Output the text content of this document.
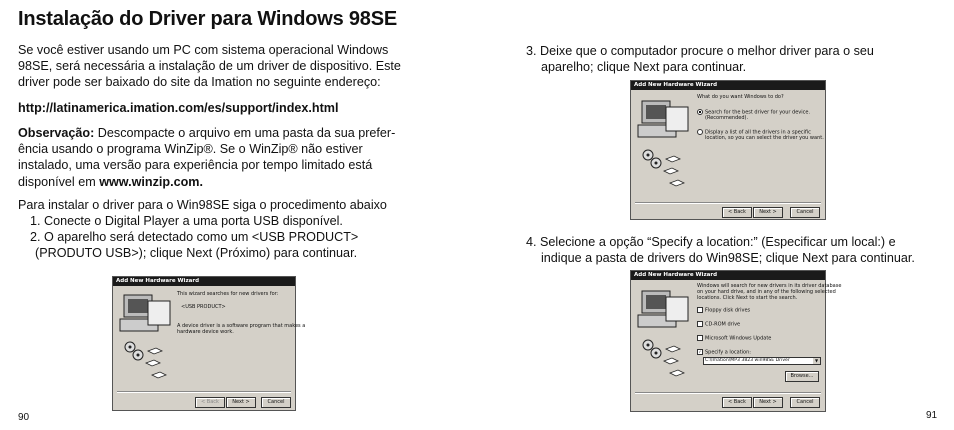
Instalação do Driver para Windows 98SE

Se você estiver usando um PC com sistema operacional Windows
98SE, será necessária a instalação de um driver de dispositivo. Este
driver pode ser baixado do site da Imation no seguinte endereço:

http://latinamerica.imation.com/es/support/index.html

Observação: Descompacte o arquivo em uma pasta da sua prefer-
ência usando o programa WinZip®. Se o WinZip® não estiver
instalado, uma versão para experiência por tempo limitado está
disponível em www.winzip.com.

Para instalar o driver para o Win98SE siga o procedimento abaixo

1. Conecte o Digital Player a uma porta USB disponível.

2. O aparelho será detectado como um <USB PRODUCT>
(PRODUTO USB>); clique Next (Próximo) para continuar.

Add New Hardware Wizard
This wizard searches for new drivers for:
<USB PRODUCT>
A device driver is a software program that makes a
hardware device work.
< Back	Next >	Cancel
90

3. Deixe que o computador procure o melhor driver para o seu
aparelho; clique Next para continuar.

Add New Hardware Wizard
What do you want Windows to do?
Search for the best driver for your device.
(Recommended).
Display a list of all the drivers in a specific
location, so you can select the driver you want.
< Back	Next >	Cancel

4. Selecione a opção “Specify a location:” (Especificar um local:) e
indique a pasta de drivers do Win98SE; clique Next para continuar.

Add New Hardware Wizard
Windows will search for new drivers in its driver database
on your hard drive, and in any of the following selected
locations. Click Next to start the search.
Floppy disk drives
CD-ROM drive
Microsoft Windows Update
✓ Specify a location:
C:\Imation\MP3 3823 win98SE Driver	▼
Browse...
< Back	Next >	Cancel
91
